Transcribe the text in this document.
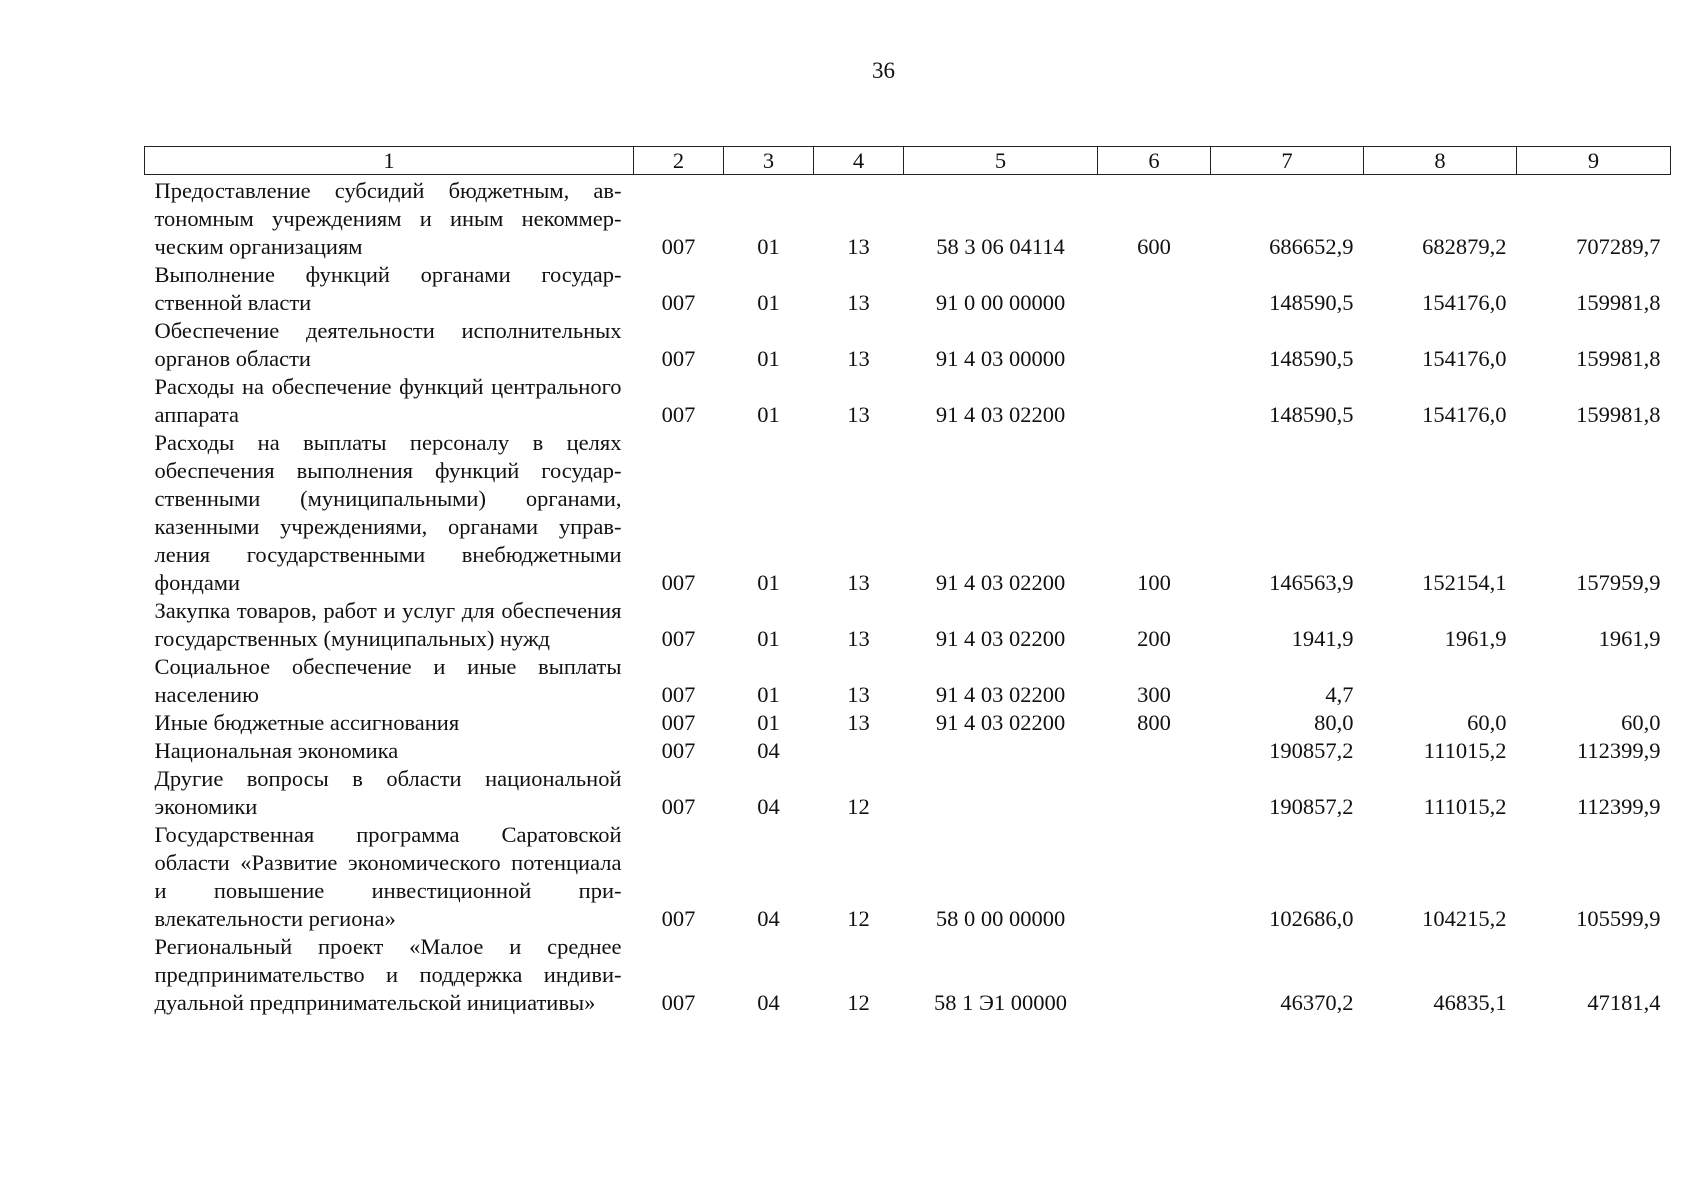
36
1	2	3	4	5	6	7	8	9
Предоставление субсидий бюджетным, автономным учреждениям и иным некоммерческим организациям	007	01	13	58 3 06 04114	600	686652,9	682879,2	707289,7
Выполнение функций органами государственной власти	007	01	13	91 0 00 00000		148590,5	154176,0	159981,8
Обеспечение деятельности исполнительных органов области	007	01	13	91 4 03 00000		148590,5	154176,0	159981,8
Расходы на обеспечение функций центрального аппарата	007	01	13	91 4 03 02200		148590,5	154176,0	159981,8
Расходы на выплаты персоналу в целях обеспечения выполнения функций государственными (муниципальными) органами, казенными учреждениями, органами управления государственными внебюджетными фондами	007	01	13	91 4 03 02200	100	146563,9	152154,1	157959,9
Закупка товаров, работ и услуг для обеспечения государственных (муниципальных) нужд	007	01	13	91 4 03 02200	200	1941,9	1961,9	1961,9
Социальное обеспечение и иные выплаты населению	007	01	13	91 4 03 02200	300	4,7		
Иные бюджетные ассигнования	007	01	13	91 4 03 02200	800	80,0	60,0	60,0
Национальная экономика	007	04				190857,2	111015,2	112399,9
Другие вопросы в области национальной экономики	007	04	12			190857,2	111015,2	112399,9
Государственная программа Саратовской области «Развитие экономического потенциала и повышение инвестиционной привлекательности региона»	007	04	12	58 0 00 00000		102686,0	104215,2	105599,9
Региональный проект «Малое и среднее предпринимательство и поддержка индивидуальной предпринимательской инициативы»	007	04	12	58 1 Э1 00000		46370,2	46835,1	47181,4
